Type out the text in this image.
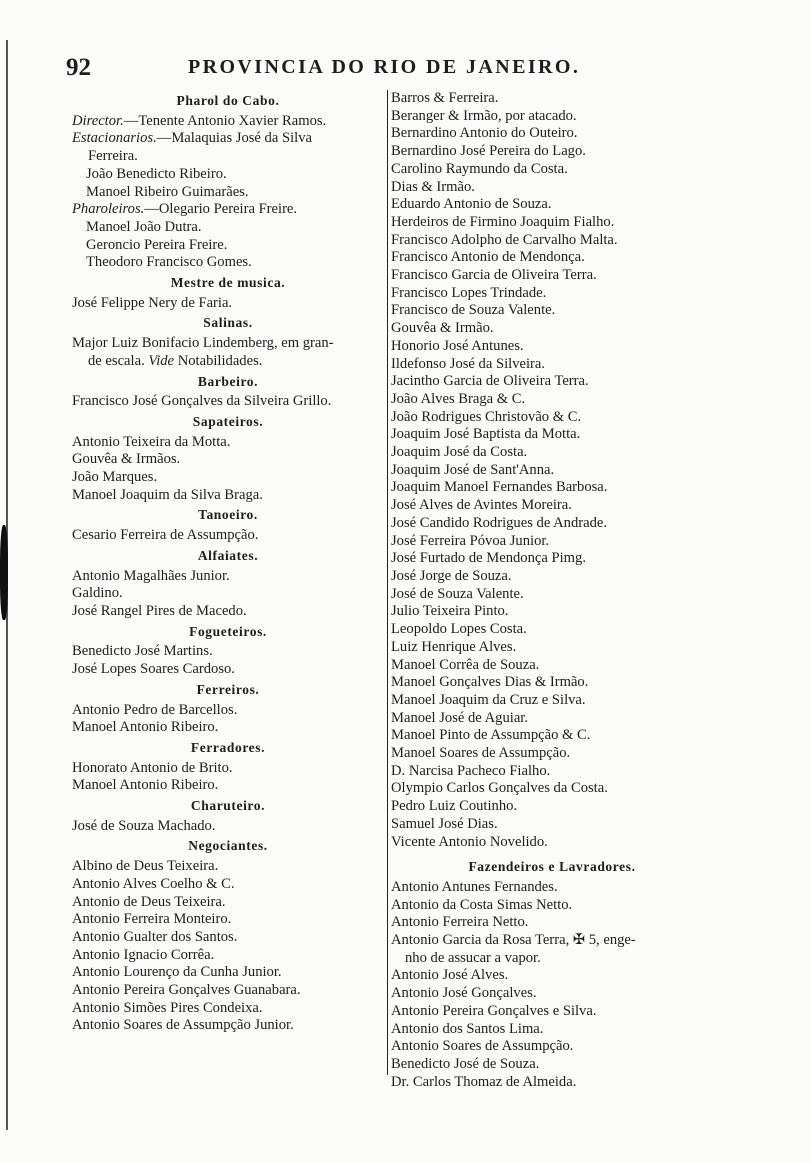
92	PROVINCIA DO RIO DE JANEIRO.
Pharol do Cabo.
Director.—Tenente Antonio Xavier Ramos.
Estacionarios.—Malaquias José da Silva
Ferreira.
João Benedicto Ribeiro.
Manoel Ribeiro Guimarães.
Pharoleiros.—Olegario Pereira Freire.
Manoel João Dutra.
Geroncio Pereira Freire.
Theodoro Francisco Gomes.
Mestre de musica.
José Felippe Nery de Faria.
Salinas.
Major Luiz Bonifacio Lindemberg, em gran-
de escala. Vide Notabilidades.
Barbeiro.
Francisco José Gonçalves da Silveira Grillo.
Sapateiros.
Antonio Teixeira da Motta.
Gouvêa & Irmãos.
João Marques.
Manoel Joaquim da Silva Braga.
Tanoeiro.
Cesario Ferreira de Assumpção.
Alfaiates.
Antonio Magalhães Junior.
Galdino.
José Rangel Pires de Macedo.
Fogueteiros.
Benedicto José Martins.
José Lopes Soares Cardoso.
Ferreiros.
Antonio Pedro de Barcellos.
Manoel Antonio Ribeiro.
Ferradores.
Honorato Antonio de Brito.
Manoel Antonio Ribeiro.
Charuteiro.
José de Souza Machado.
Negociantes.
Albino de Deus Teixeira.
Antonio Alves Coelho & C.
Antonio de Deus Teixeira.
Antonio Ferreira Monteiro.
Antonio Gualter dos Santos.
Antonio Ignacio Corrêa.
Antonio Lourenço da Cunha Junior.
Antonio Pereira Gonçalves Guanabara.
Antonio Simões Pires Condeixa.
Antonio Soares de Assumpção Junior.
Barros & Ferreira.
Beranger & Irmão, por atacado.
Bernardino Antonio do Outeiro.
Bernardino José Pereira do Lago.
Carolino Raymundo da Costa.
Dias & Irmão.
Eduardo Antonio de Souza.
Herdeiros de Firmino Joaquim Fialho.
Francisco Adolpho de Carvalho Malta.
Francisco Antonio de Mendonça.
Francisco Garcia de Oliveira Terra.
Francisco Lopes Trindade.
Francisco de Souza Valente.
Gouvêa & Irmão.
Honorio José Antunes.
Ildefonso José da Silveira.
Jacintho Garcia de Oliveira Terra.
João Alves Braga & C.
João Rodrigues Christovão & C.
Joaquim José Baptista da Motta.
Joaquim José da Costa.
Joaquim José de Sant'Anna.
Joaquim Manoel Fernandes Barbosa.
José Alves de Avintes Moreira.
José Candido Rodrigues de Andrade.
José Ferreira Póvoa Junior.
José Furtado de Mendonça Pimg.
José Jorge de Souza.
José de Souza Valente.
Julio Teixeira Pinto.
Leopoldo Lopes Costa.
Luiz Henrique Alves.
Manoel Corrêa de Souza.
Manoel Gonçalves Dias & Irmão.
Manoel Joaquim da Cruz e Silva.
Manoel José de Aguiar.
Manoel Pinto de Assumpção & C.
Manoel Soares de Assumpção.
D. Narcisa Pacheco Fialho.
Olympio Carlos Gonçalves da Costa.
Pedro Luiz Coutinho.
Samuel José Dias.
Vicente Antonio Novelido.
Fazendeiros e Lavradores.
Antonio Antunes Fernandes.
Antonio da Costa Simas Netto.
Antonio Ferreira Netto.
Antonio Garcia da Rosa Terra, ✠ 5, enge-
nho de assucar a vapor.
Antonio José Alves.
Antonio José Gonçalves.
Antonio Pereira Gonçalves e Silva.
Antonio dos Santos Lima.
Antonio Soares de Assumpção.
Benedicto José de Souza.
Dr. Carlos Thomaz de Almeida.
